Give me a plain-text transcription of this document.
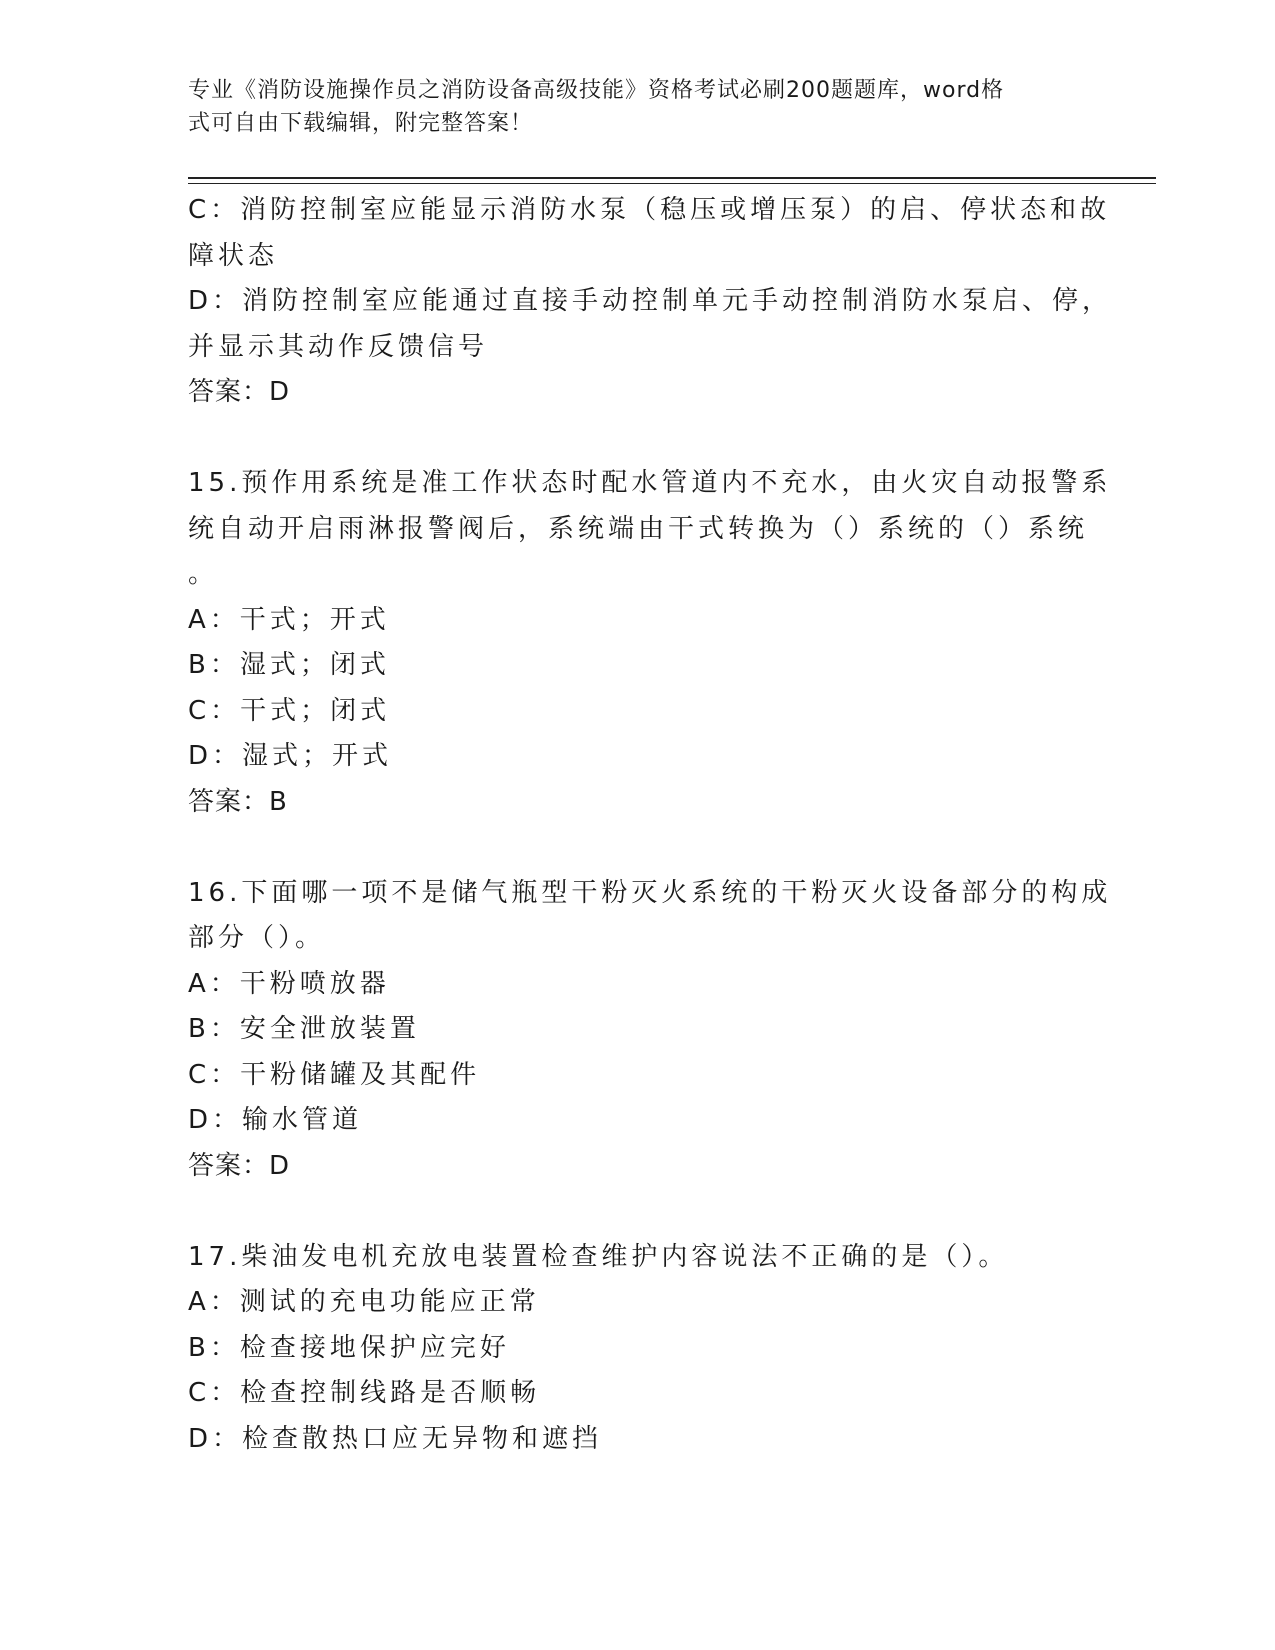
专业《消防设施操作员之消防设备高级技能》资格考试必刷200题题库，word格
式可自由下载编辑，附完整答案！
C：消防控制室应能显示消防水泵（稳压或增压泵）的启、停状态和故
障状态
D：消防控制室应能通过直接手动控制单元手动控制消防水泵启、停，
并显示其动作反馈信号
答案：D
15.预作用系统是准工作状态时配水管道内不充水，由火灾自动报警系
统自动开启雨淋报警阀后，系统端由干式转换为（）系统的（）系统
。
A：干式；开式
B：湿式；闭式
C：干式；闭式
D：湿式；开式
答案：B
16.下面哪一项不是储气瓶型干粉灭火系统的干粉灭火设备部分的构成
部分（）。
A：干粉喷放器
B：安全泄放装置
C：干粉储罐及其配件
D：输水管道
答案：D
17.柴油发电机充放电装置检查维护内容说法不正确的是（）。
A：测试的充电功能应正常
B：检查接地保护应完好
C：检查控制线路是否顺畅
D：检查散热口应无异物和遮挡
